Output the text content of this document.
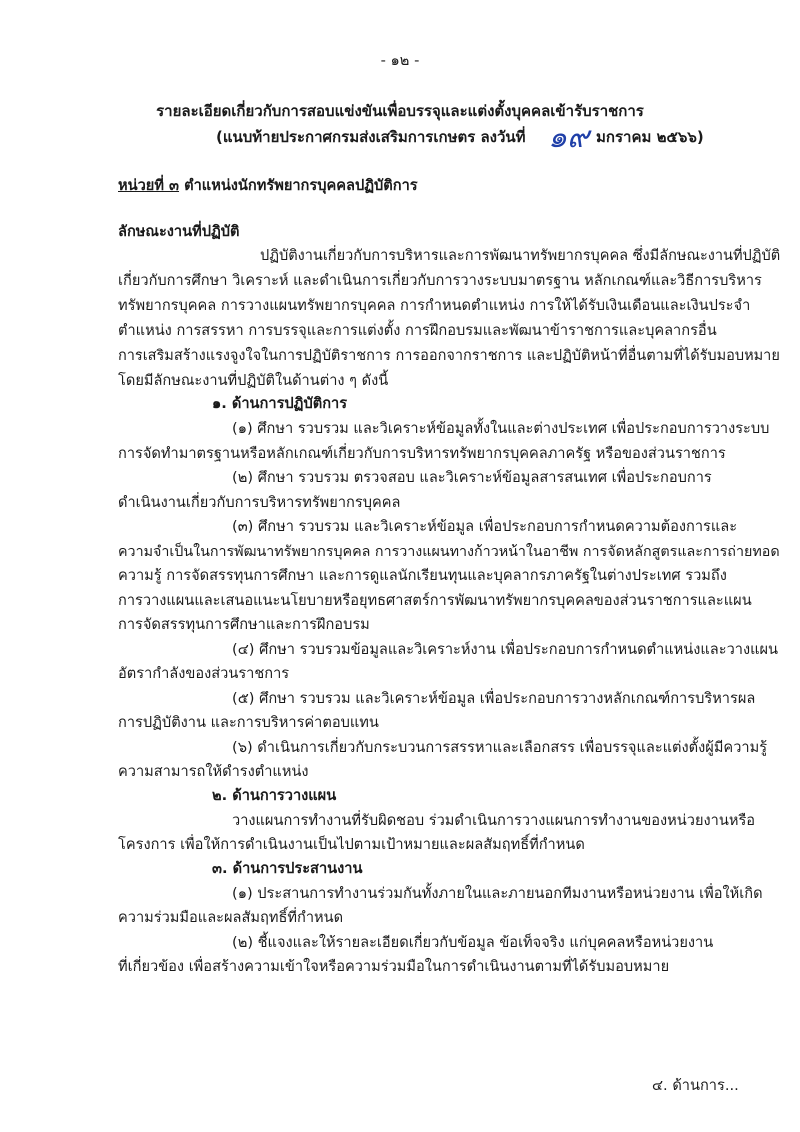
- ๑๒ -
รายละเอียดเกี่ยวกับการสอบแข่งขันเพื่อบรรจุและแต่งตั้งบุคคลเข้ารับราชการ
(แนบท้ายประกาศกรมส่งเสริมการเกษตร ลงวันที่ ๑๙ มกราคม ๒๕๖๖)
หน่วยที่ ๓ ตำแหน่งนักทรัพยากรบุคคลปฏิบัติการ
ลักษณะงานที่ปฏิบัติ
ปฏิบัติงานเกี่ยวกับการบริหารและการพัฒนาทรัพยากรบุคคล ซึ่งมีลักษณะงานที่ปฏิบัติ
เกี่ยวกับการศึกษา วิเคราะห์ และดำเนินการเกี่ยวกับการวางระบบมาตรฐาน หลักเกณฑ์และวิธีการบริหาร
ทรัพยากรบุคคล การวางแผนทรัพยากรบุคคล การกำหนดตำแหน่ง การให้ได้รับเงินเดือนและเงินประจำ
ตำแหน่ง การสรรหา การบรรจุและการแต่งตั้ง การฝึกอบรมและพัฒนาข้าราชการและบุคลากรอื่น
การเสริมสร้างแรงจูงใจในการปฏิบัติราชการ การออกจากราชการ และปฏิบัติหน้าที่อื่นตามที่ได้รับมอบหมาย
โดยมีลักษณะงานที่ปฏิบัติในด้านต่าง ๆ ดังนี้
๑. ด้านการปฏิบัติการ
(๑) ศึกษา รวบรวม และวิเคราะห์ข้อมูลทั้งในและต่างประเทศ เพื่อประกอบการวางระบบ
การจัดทำมาตรฐานหรือหลักเกณฑ์เกี่ยวกับการบริหารทรัพยากรบุคคลภาครัฐ หรือของส่วนราชการ
(๒) ศึกษา รวบรวม ตรวจสอบ และวิเคราะห์ข้อมูลสารสนเทศ เพื่อประกอบการ
ดำเนินงานเกี่ยวกับการบริหารทรัพยากรบุคคล
(๓) ศึกษา รวบรวม และวิเคราะห์ข้อมูล เพื่อประกอบการกำหนดความต้องการและ
ความจำเป็นในการพัฒนาทรัพยากรบุคคล การวางแผนทางก้าวหน้าในอาชีพ การจัดหลักสูตรและการถ่ายทอด
ความรู้ การจัดสรรทุนการศึกษา และการดูแลนักเรียนทุนและบุคลากรภาครัฐในต่างประเทศ รวมถึง
การวางแผนและเสนอแนะนโยบายหรือยุทธศาสตร์การพัฒนาทรัพยากรบุคคลของส่วนราชการและแผน
การจัดสรรทุนการศึกษาและการฝึกอบรม
(๔) ศึกษา รวบรวมข้อมูลและวิเคราะห์งาน เพื่อประกอบการกำหนดตำแหน่งและวางแผน
อัตรากำลังของส่วนราชการ
(๕) ศึกษา รวบรวม และวิเคราะห์ข้อมูล เพื่อประกอบการวางหลักเกณฑ์การบริหารผล
การปฏิบัติงาน และการบริหารค่าตอบแทน
(๖) ดำเนินการเกี่ยวกับกระบวนการสรรหาและเลือกสรร เพื่อบรรจุและแต่งตั้งผู้มีความรู้
ความสามารถให้ดำรงตำแหน่ง
๒. ด้านการวางแผน
วางแผนการทำงานที่รับผิดชอบ ร่วมดำเนินการวางแผนการทำงานของหน่วยงานหรือ
โครงการ เพื่อให้การดำเนินงานเป็นไปตามเป้าหมายและผลสัมฤทธิ์ที่กำหนด
๓. ด้านการประสานงาน
(๑) ประสานการทำงานร่วมกันทั้งภายในและภายนอกทีมงานหรือหน่วยงาน เพื่อให้เกิด
ความร่วมมือและผลสัมฤทธิ์ที่กำหนด
(๒) ชี้แจงและให้รายละเอียดเกี่ยวกับข้อมูล ข้อเท็จจริง แก่บุคคลหรือหน่วยงาน
ที่เกี่ยวข้อง เพื่อสร้างความเข้าใจหรือความร่วมมือในการดำเนินงานตามที่ได้รับมอบหมาย
๔. ด้านการ...
